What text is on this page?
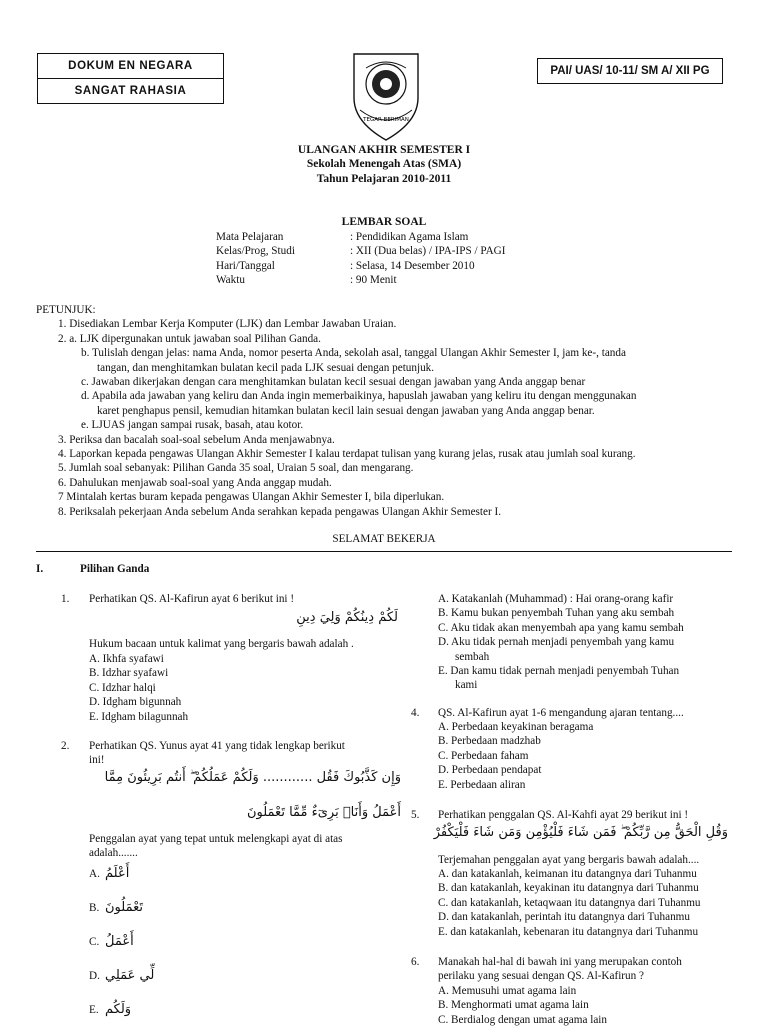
DOKUM EN NEGARA
SANGAT RAHASIA
PAI/ UAS/ 10-11/ SM A/ XII PG
TEGAR BERIMAN
ULANGAN AKHIR SEMESTER I
Sekolah Menengah Atas (SMA)
Tahun Pelajaran 2010-2011
LEMBAR SOAL
Mata Pelajaran	: Pendidikan Agama Islam
Kelas/Prog, Studi	: XII (Dua belas) / IPA-IPS / PAGI
Hari/Tanggal	: Selasa, 14 Desember 2010
Waktu	: 90 Menit
PETUNJUK:
1. Disediakan Lembar Kerja Komputer (LJK) dan Lembar Jawaban Uraian.
2. a. LJK dipergunakan untuk jawaban soal Pilihan Ganda.
b. Tulislah dengan jelas: nama Anda, nomor peserta Anda, sekolah asal, tanggal Ulangan Akhir Semester I, jam ke-, tanda
tangan, dan menghitamkan bulatan kecil pada LJK sesuai dengan petunjuk.
c. Jawaban dikerjakan dengan cara menghitamkan bulatan kecil sesuai dengan jawaban yang Anda anggap benar
d. Apabila ada jawaban yang keliru dan Anda ingin memerbaikinya, hapuslah jawaban yang keliru itu dengan menggunakan
karet penghapus pensil, kemudian hitamkan bulatan kecil lain sesuai dengan jawaban yang Anda anggap benar.
e. LJUAS jangan sampai rusak, basah, atau kotor.
3. Periksa dan bacalah soal-soal sebelum Anda menjawabnya.
4. Laporkan kepada pengawas Ulangan Akhir Semester I kalau terdapat tulisan yang kurang jelas, rusak atau jumlah soal kurang.
5. Jumlah soal sebanyak: Pilihan Ganda 35 soal, Uraian 5 soal, dan mengarang.
6. Dahulukan menjawab soal-soal yang Anda anggap mudah.
7 Mintalah kertas buram kepada pengawas Ulangan Akhir Semester I, bila diperlukan.
8. Periksalah pekerjaan Anda sebelum Anda serahkan kepada pengawas Ulangan Akhir Semester I.
SELAMAT BEKERJA
I.	Pilihan Ganda
1. Perhatikan QS. Al-Kafirun ayat 6 berikut ini !
لَكُمْ دِينُكُمْ وَلِيَ دِينِ
Hukum bacaan untuk kalimat yang bergaris bawah adalah .
A. Ikhfa syafawi
B. Idzhar syafawi
C. Idzhar halqi
D. Idgham bigunnah
E. Idgham bilagunnah
2. Perhatikan QS. Yunus ayat 41 yang tidak lengkap berikut
ini!
وَإِن كَذَّبُوكَ فَقُل ............ وَلَكُمْ عَمَلُكُمْ ۖ أَنتُم بَرِيئُونَ مِمَّا
أَعْمَلُ وَأَنَا۠ بَرِىٓءٌ مِّمَّا تَعْمَلُونَ
Penggalan ayat yang tepat untuk melengkapi ayat di atas
adalah.......
A. أَعْلَمُ
B. تَعْمَلُونَ
C. أَعْمَلُ
D. لِّي عَمَلِي
E. وَلَكُم
A. Katakanlah (Muhammad) : Hai orang-orang kafir
B. Kamu bukan penyembah Tuhan yang aku sembah
C. Aku tidak akan menyembah apa yang kamu sembah
D. Aku tidak pernah menjadi penyembah yang kamu
sembah
E. Dan kamu tidak pernah menjadi penyembah Tuhan
kami
4. QS. Al-Kafirun ayat 1-6 mengandung ajaran tentang....
A. Perbedaan keyakinan beragama
B. Perbedaan madzhab
C. Perbedaan faham
D. Perbedaan pendapat
E. Perbedaan aliran
5. Perhatikan penggalan QS. Al-Kahfi ayat 29 berikut ini !
وَقُلِ الْحَقُّ مِن رَّبِّكُمْ ۖ فَمَن شَاءَ فَلْيُؤْمِن وَمَن شَاءَ فَلْيَكْفُرْ
Terjemahan penggalan ayat yang bergaris bawah adalah....
A. dan katakanlah, keimanan itu datangnya dari Tuhanmu
B. dan katakanlah, keyakinan itu datangnya dari Tuhanmu
C. dan katakanlah, ketaqwaan itu datangnya dari Tuhanmu
D. dan katakanlah, perintah itu datangnya dari Tuhanmu
E. dan katakanlah, kebenaran itu datangnya dari Tuhanmu
6. Manakah hal-hal di bawah ini yang merupakan contoh
perilaku yang sesuai dengan QS. Al-Kafirun ?
A. Memusuhi umat agama lain
B. Menghormati umat agama lain
C. Berdialog dengan umat agama lain
